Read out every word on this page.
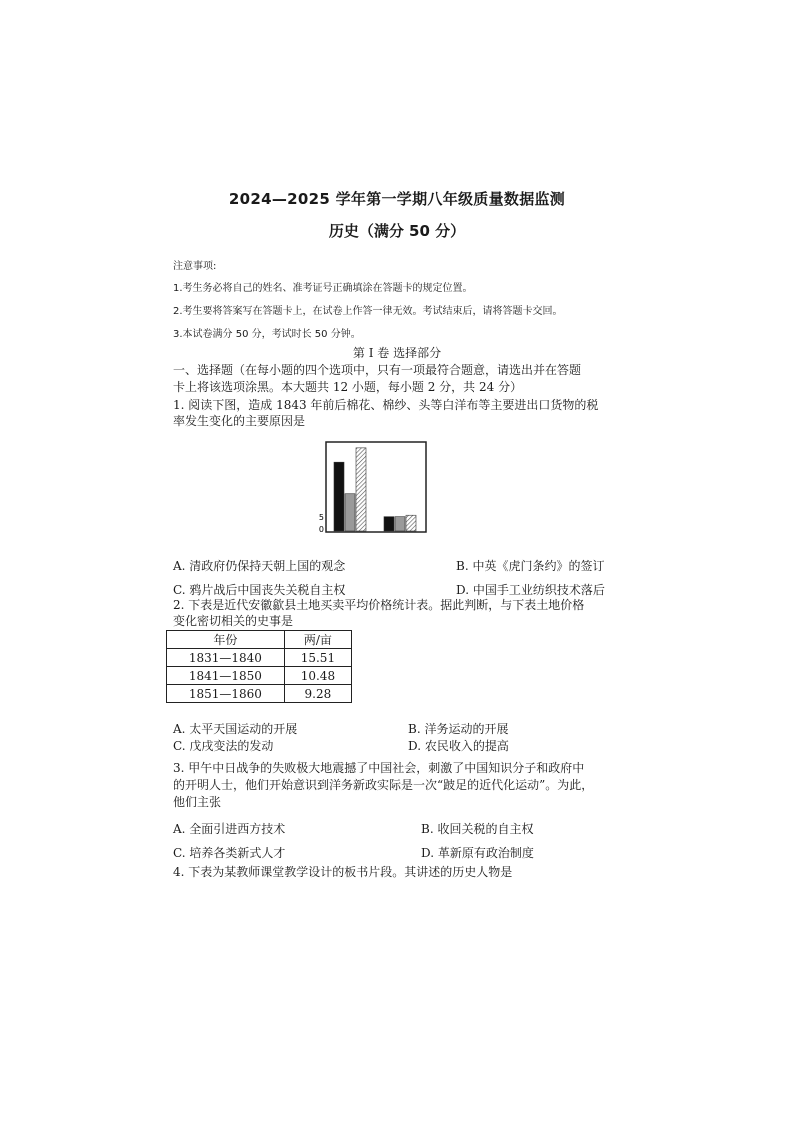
2024—2025 学年第一学期八年级质量数据监测
历史（满分 50 分）
注意事项:
1.考生务必将自己的姓名、准考证号正确填涂在答题卡的规定位置。
2.考生要将答案写在答题卡上，在试卷上作答一律无效。考试结束后，请将答题卡交回。
3.本试卷满分 50 分，考试时长 50 分钟。
第 Ⅰ 卷 选择部分
一、选择题（在每小题的四个选项中，只有一项最符合题意，请选出并在答题
卡上将该选项涂黑。本大题共 12 小题，每小题 2 分，共 24 分）
1. 阅读下图，造成 1843 年前后棉花、棉纱、头等白洋布等主要进出口货物的税
率发生变化的主要原因是
5
0
A. 清政府仍保持天朝上国的观念	B. 中英《虎门条约》的签订
C. 鸦片战后中国丧失关税自主权	D. 中国手工业纺织技术落后
2. 下表是近代安徽歙县土地买卖平均价格统计表。据此判断，与下表土地价格
变化密切相关的史事是
年份	两/亩
1831—1840	15.51
1841—1850	10.48
1851—1860	9.28
A. 太平天国运动的开展	B. 洋务运动的开展
C. 戊戌变法的发动	D. 农民收入的提高
3. 甲午中日战争的失败极大地震撼了中国社会，刺激了中国知识分子和政府中
的开明人士，他们开始意识到洋务新政实际是一次“跛足的近代化运动”。为此，
他们主张
A. 全面引进西方技术	B. 收回关税的自主权
C. 培养各类新式人才	D. 革新原有政治制度
4. 下表为某教师课堂教学设计的板书片段。其讲述的历史人物是
